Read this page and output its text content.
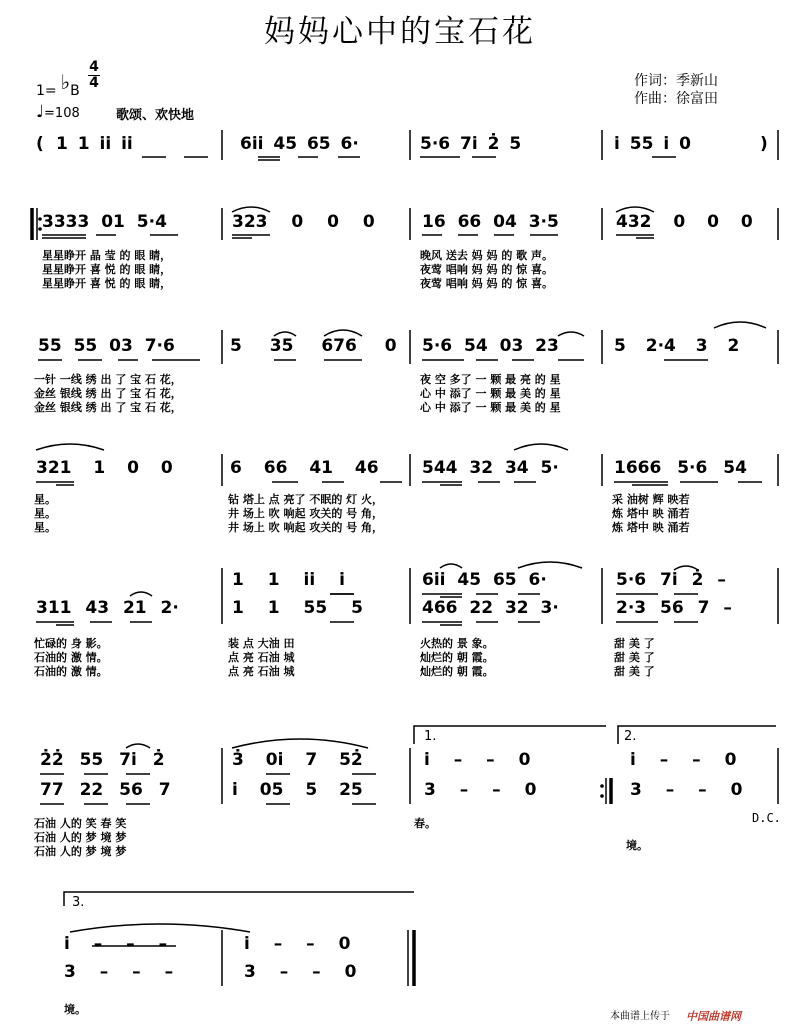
妈妈心中的宝石花
1= ♭B
4
4
♩=108	歌颂、欢快地
作词：季新山
作曲：徐富田
( 1 1 i̇i̇ i̇i̇	6i̇i̇ 45 65 6·	5·6 7i̇ 2̇ 5	i̇ 55 i̇ 0	)
3333 01 5·4	323 0 0 0	16 66 04 3·5	432 0 0 0
星星睁开 晶 莹 的 眼 睛，	晚风 送去 妈 妈 的 歌 声。
星星睁开 喜 悦 的 眼 睛，	夜莺 唱响 妈 妈 的 惊 喜。
星星睁开 喜 悦 的 眼 睛，	夜莺 唱响 妈 妈 的 惊 喜。
55 55 03 7·6	5 35 676 0 5·6 54 03 23	5 2·4 3 2
一针 一线 绣 出 了 宝 石 花，	夜 空 多了 一 颗 最 亮 的 星
金丝 银线 绣 出 了 宝 石 花，	心 中 添了 一 颗 最 美 的 星
金丝 银线 绣 出 了 宝 石 花，	心 中 添了 一 颗 最 美 的 星
321 1 0 0	6 66 41 46	544 32 34 5·	1666 5·6 54
星。	钻 塔上 点 亮了 不眠的 灯 火，	采 油树 辉 映若
星。	井 场上 吹 响起 攻关的 号 角，	炼 塔中 映 涌若
星。	井 场上 吹 响起 攻关的 号 角，	炼 塔中 映 涌若
1 1 i̇i̇ i̇	6i̇i̇ 45 65 6·	5·6 7i̇ 2̇ –
311 43 21 2·	1 1 55 5	466 22 32 3·	2·3 56 7 –
忙碌的 身 影。	装 点 大油 田	火热的 景 象。	甜 美 了
石油的 激 情。	点 亮 石油 城	灿烂的 朝 霞。	甜 美 了
石油的 激 情。	点 亮 石油 城	灿烂的 朝 霞。	甜 美 了
1.	2.
2̇2̇ 55 7i̇ 2̇	3̇ 0i̇ 7 52̇	i̇ – – 0	i̇ – – 0
77 22 56 7	i̇ 05 5 25	3 – – 0	3 – – 0
D.C.
石油 人的 笑 春 笑	春。
石油 人的 梦 境 梦
境。
石油 人的 梦 境 梦
3.
i̇ – – –	i̇ – – 0
3 – – –	3 – – 0
境。
本曲谱上传于 中国曲谱网
